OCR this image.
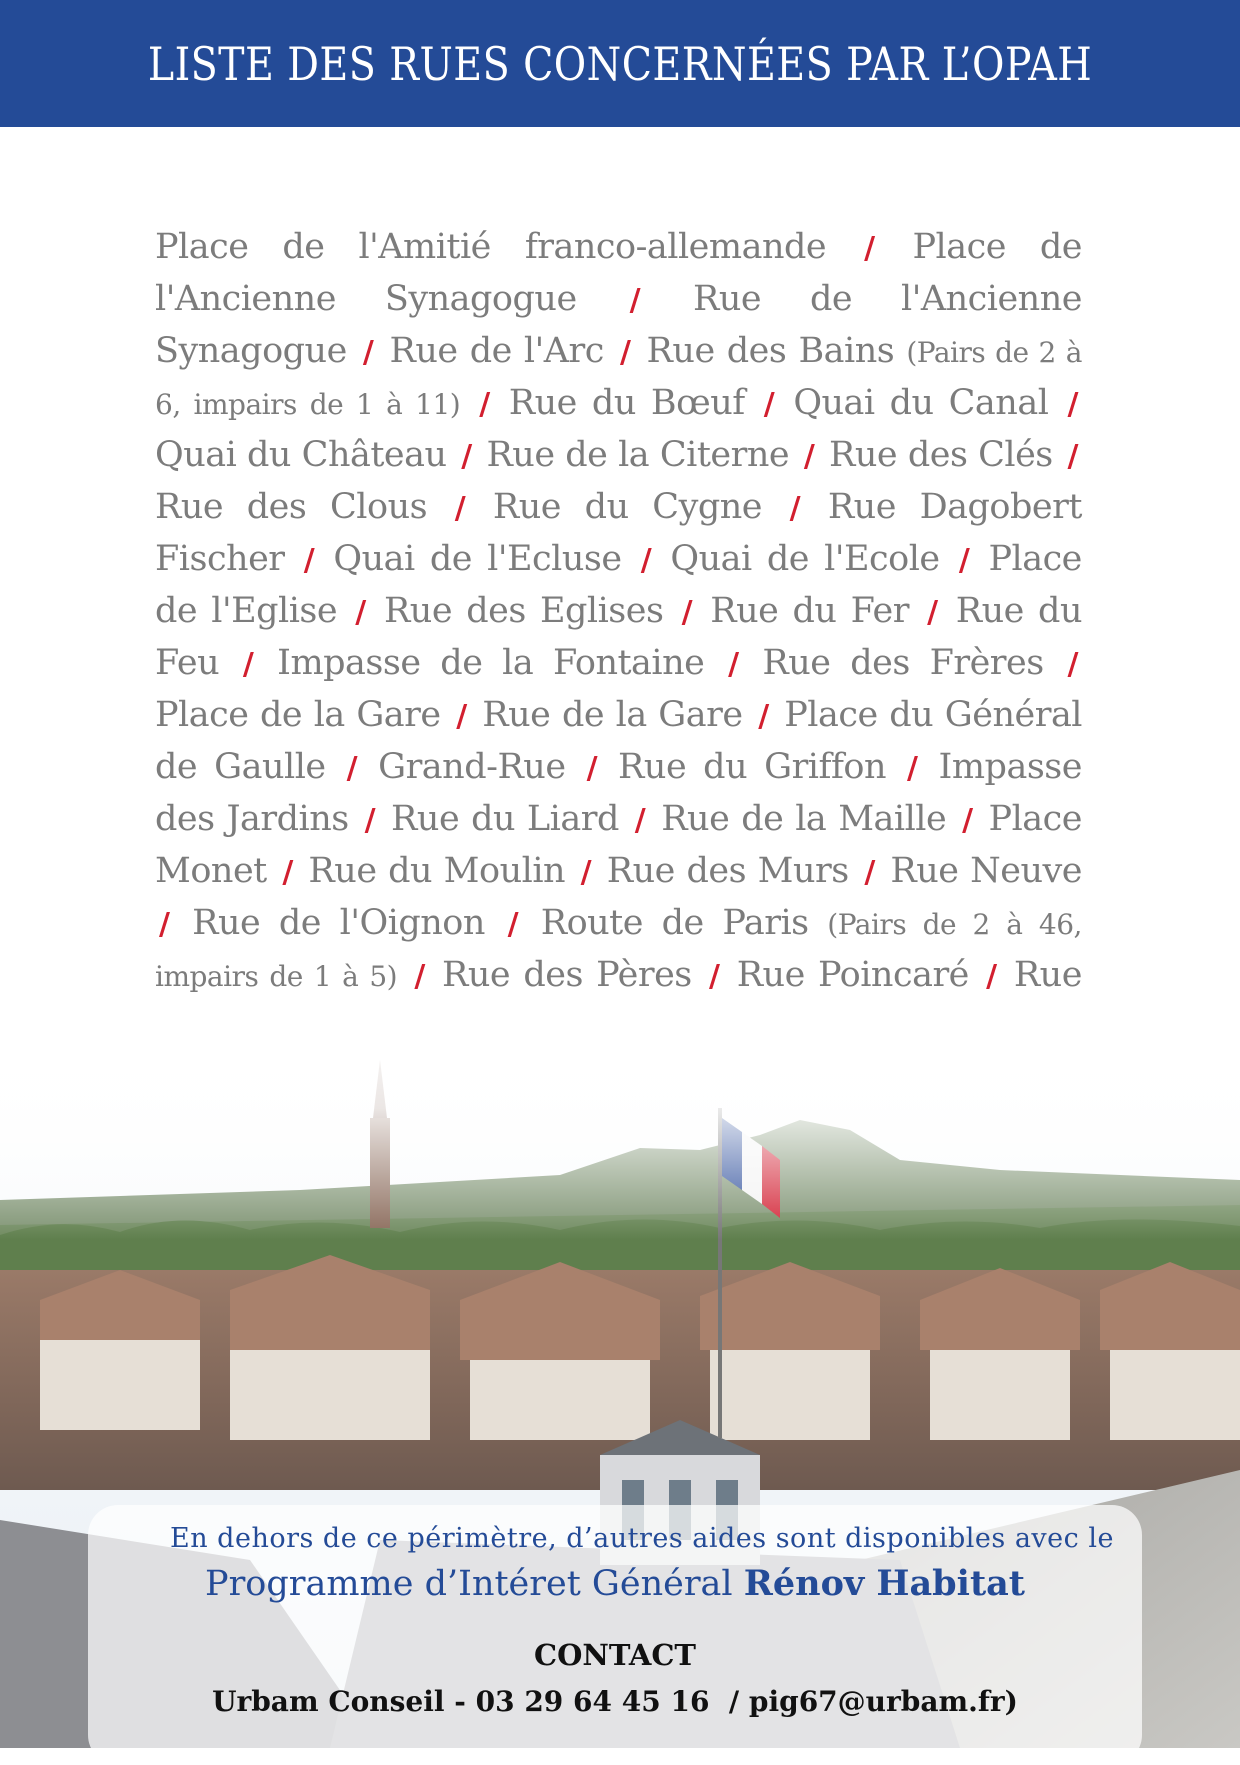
LISTE DES RUES CONCERNÉES PAR L’OPAH
Place de l'Amitié franco-allemande / Place de l'Ancienne Synagogue / Rue de l'Ancienne Synagogue / Rue de l'Arc / Rue des Bains (Pairs de 2 à 6, impairs de 1 à 11) / Rue du Bœuf / Quai du Canal / Quai du Château / Rue de la Citerne / Rue des Clés / Rue des Clous / Rue du Cygne / Rue Dagobert Fischer / Quai de l'Ecluse / Quai de l'Ecole / Place de l'Eglise / Rue des Eglises / Rue du Fer / Rue du Feu / Impasse de la Fontaine / Rue des Frères / Place de la Gare / Rue de la Gare / Place du Général de Gaulle / Grand-Rue / Rue du Griffon / Impasse des Jardins / Rue du Liard / Rue de la Maille / Place Monet / Rue du Moulin / Rue des Murs / Rue Neuve / Rue de l'Oignon / Route de Paris (Pairs de 2 à 46, impairs de 1 à 5) / Rue des Pères / Rue Poincaré / Rue
En dehors de ce périmètre, d’autres aides sont disponibles avec le
Programme d’Intéret Général Rénov Habitat
CONTACT
Urbam Conseil - 03 29 64 45 16  / pig67@urbam.fr)
